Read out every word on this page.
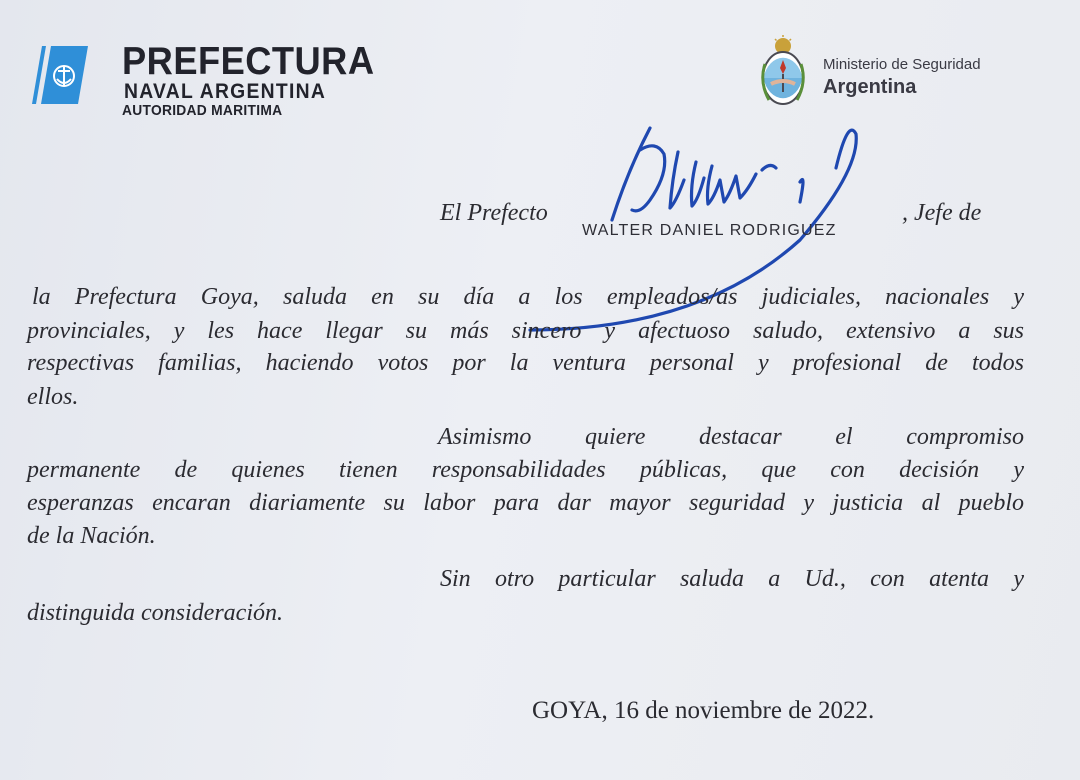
PREFECTURA
NAVAL ARGENTINA
AUTORIDAD MARITIMA
Ministerio de Seguridad
Argentina
El Prefecto	, Jefe de
WALTER DANIEL RODRIGUEZ
la Prefectura Goya, saluda en su día a los empleados/as judiciales, nacionales y
provinciales, y les hace llegar su más sincero y afectuoso saludo, extensivo a sus
respectivas familias, haciendo votos por la ventura personal y profesional de todos
ellos.
Asimismo quiere destacar el compromiso
permanente de quienes tienen responsabilidades públicas, que con decisión y
esperanzas encaran diariamente su labor para dar mayor seguridad y justicia al pueblo
de la Nación.
Sin otro particular saluda a Ud., con atenta y
distinguida consideración.
GOYA, 16 de noviembre de 2022.
